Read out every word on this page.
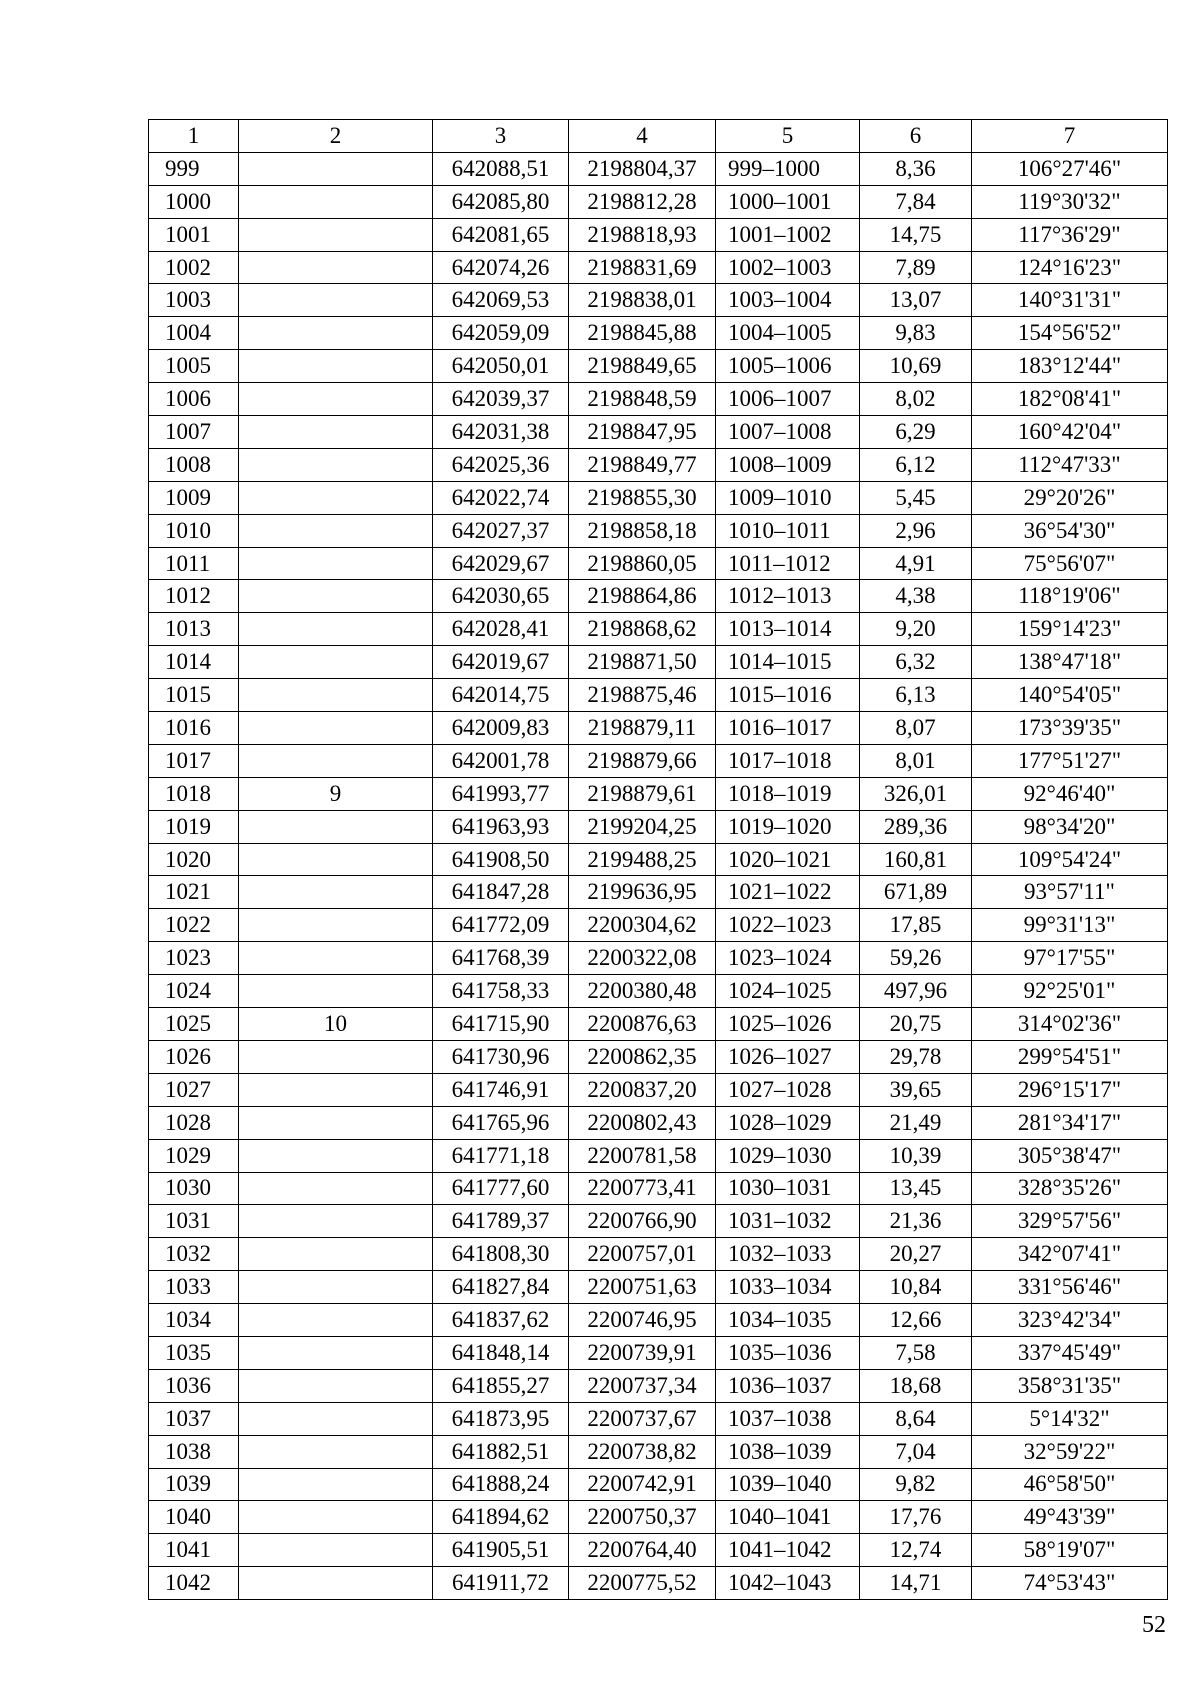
1	2	3	4	5	6	7
999		642088,51	2198804,37	999–1000	8,36	106°27'46"
1000		642085,80	2198812,28	1000–1001	7,84	119°30'32"
1001		642081,65	2198818,93	1001–1002	14,75	117°36'29"
1002		642074,26	2198831,69	1002–1003	7,89	124°16'23"
1003		642069,53	2198838,01	1003–1004	13,07	140°31'31"
1004		642059,09	2198845,88	1004–1005	9,83	154°56'52"
1005		642050,01	2198849,65	1005–1006	10,69	183°12'44"
1006		642039,37	2198848,59	1006–1007	8,02	182°08'41"
1007		642031,38	2198847,95	1007–1008	6,29	160°42'04"
1008		642025,36	2198849,77	1008–1009	6,12	112°47'33"
1009		642022,74	2198855,30	1009–1010	5,45	29°20'26"
1010		642027,37	2198858,18	1010–1011	2,96	36°54'30"
1011		642029,67	2198860,05	1011–1012	4,91	75°56'07"
1012		642030,65	2198864,86	1012–1013	4,38	118°19'06"
1013		642028,41	2198868,62	1013–1014	9,20	159°14'23"
1014		642019,67	2198871,50	1014–1015	6,32	138°47'18"
1015		642014,75	2198875,46	1015–1016	6,13	140°54'05"
1016		642009,83	2198879,11	1016–1017	8,07	173°39'35"
1017		642001,78	2198879,66	1017–1018	8,01	177°51'27"
1018	9	641993,77	2198879,61	1018–1019	326,01	92°46'40"
1019		641963,93	2199204,25	1019–1020	289,36	98°34'20"
1020		641908,50	2199488,25	1020–1021	160,81	109°54'24"
1021		641847,28	2199636,95	1021–1022	671,89	93°57'11"
1022		641772,09	2200304,62	1022–1023	17,85	99°31'13"
1023		641768,39	2200322,08	1023–1024	59,26	97°17'55"
1024		641758,33	2200380,48	1024–1025	497,96	92°25'01"
1025	10	641715,90	2200876,63	1025–1026	20,75	314°02'36"
1026		641730,96	2200862,35	1026–1027	29,78	299°54'51"
1027		641746,91	2200837,20	1027–1028	39,65	296°15'17"
1028		641765,96	2200802,43	1028–1029	21,49	281°34'17"
1029		641771,18	2200781,58	1029–1030	10,39	305°38'47"
1030		641777,60	2200773,41	1030–1031	13,45	328°35'26"
1031		641789,37	2200766,90	1031–1032	21,36	329°57'56"
1032		641808,30	2200757,01	1032–1033	20,27	342°07'41"
1033		641827,84	2200751,63	1033–1034	10,84	331°56'46"
1034		641837,62	2200746,95	1034–1035	12,66	323°42'34"
1035		641848,14	2200739,91	1035–1036	7,58	337°45'49"
1036		641855,27	2200737,34	1036–1037	18,68	358°31'35"
1037		641873,95	2200737,67	1037–1038	8,64	5°14'32"
1038		641882,51	2200738,82	1038–1039	7,04	32°59'22"
1039		641888,24	2200742,91	1039–1040	9,82	46°58'50"
1040		641894,62	2200750,37	1040–1041	17,76	49°43'39"
1041		641905,51	2200764,40	1041–1042	12,74	58°19'07"
1042		641911,72	2200775,52	1042–1043	14,71	74°53'43"
52
